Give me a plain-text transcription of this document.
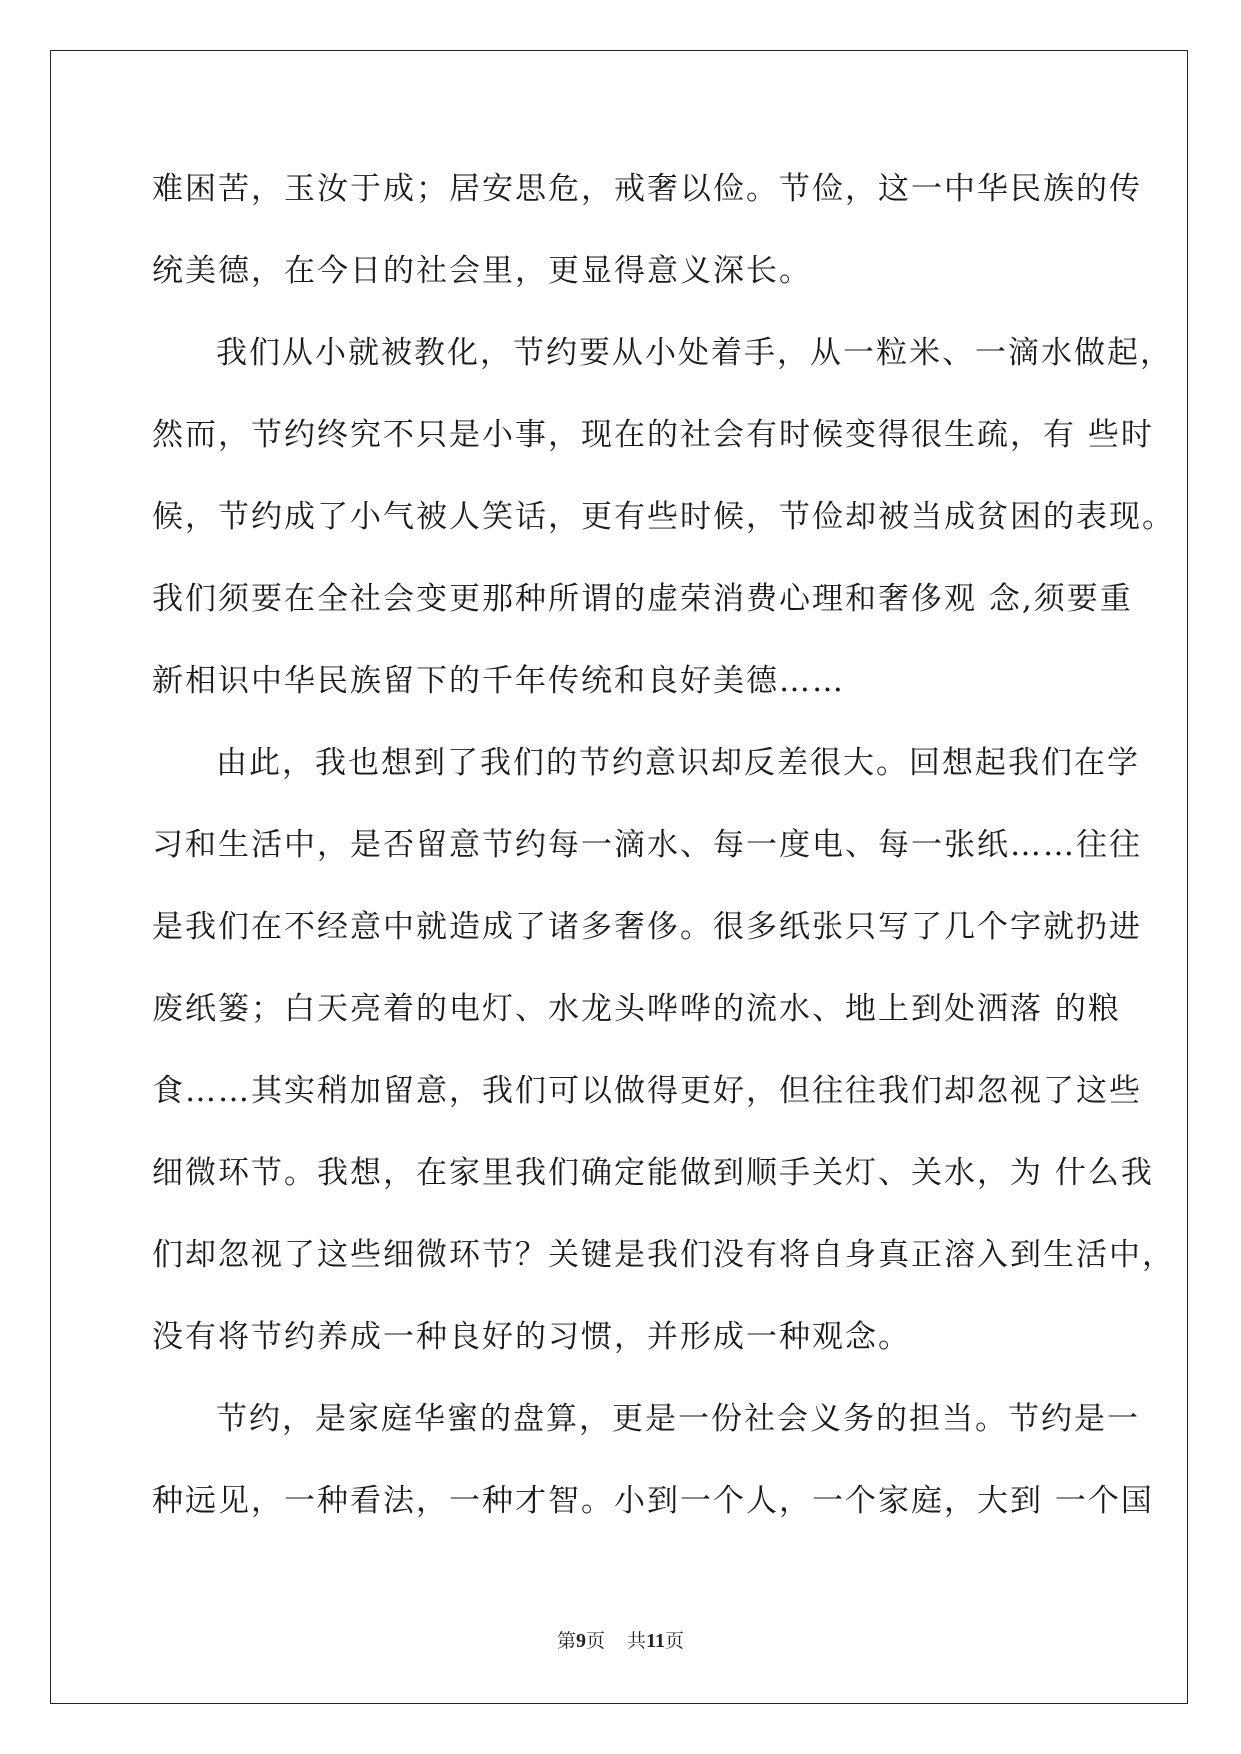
难困苦，玉汝于成；居安思危，戒奢以俭。节俭，这一中华民族的传
统美德，在今日的社会里，更显得意义深长。
我们从小就被教化，节约要从小处着手，从一粒米、一滴水做起，
然而，节约终究不只是小事，现在的社会有时候变得很生疏，有 些时
候，节约成了小气被人笑话，更有些时候，节俭却被当成贫困的表现。
我们须要在全社会变更那种所谓的虚荣消费心理和奢侈观 念,须要重
新相识中华民族留下的千年传统和良好美德……
由此，我也想到了我们的节约意识却反差很大。回想起我们在学
习和生活中，是否留意节约每一滴水、每一度电、每一张纸……往往
是我们在不经意中就造成了诸多奢侈。很多纸张只写了几个字就扔进
废纸篓；白天亮着的电灯、水龙头哗哗的流水、地上到处洒落 的粮
食……其实稍加留意，我们可以做得更好，但往往我们却忽视了这些
细微环节。我想，在家里我们确定能做到顺手关灯、关水，为 什么我
们却忽视了这些细微环节？关键是我们没有将自身真正溶入到生活中，
没有将节约养成一种良好的习惯，并形成一种观念。
节约，是家庭华蜜的盘算，更是一份社会义务的担当。节约是一
种远见，一种看法，一种才智。小到一个人，一个家庭，大到 一个国
第9页 共11页
